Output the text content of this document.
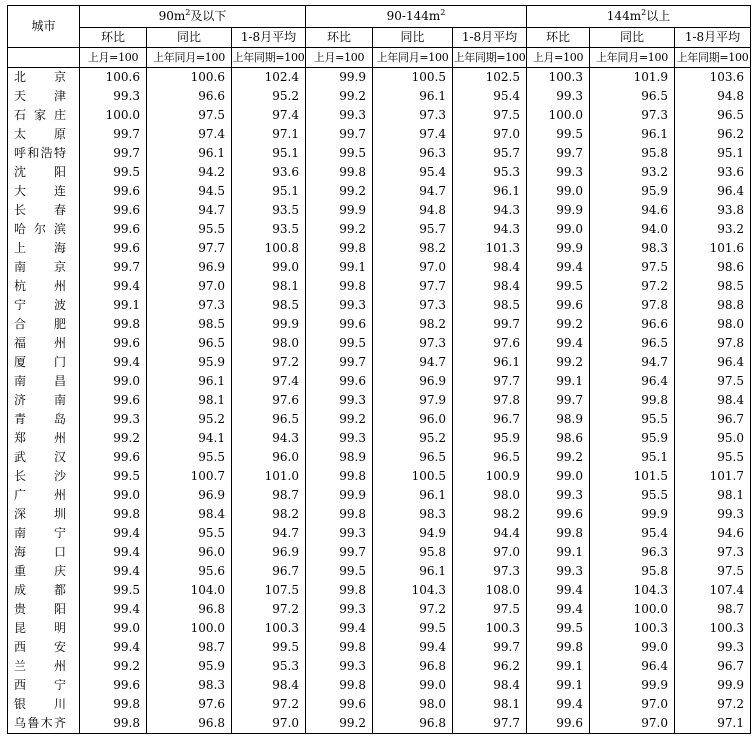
城市	$90m^2$及以下			$90-144m^2$			$144m^2$以上		
	环比	同比	1-8月平均	环比	同比	1-8月平均	环比	同比	1-8月平均
	上月=100	上年同月=100	上年同期=100	上月=100	上年同月=100	上年同期=100	上月=100	上年同月=100	上年同期=100
北京	100.6	100.6	102.4	99.9	100.5	102.5	100.3	101.9	103.6
天津	99.3	96.6	95.2	99.2	96.1	95.4	99.3	96.5	94.8
石家庄	100.0	97.5	97.4	99.3	97.3	97.5	100.0	97.3	96.5
太原	99.7	97.4	97.1	99.7	97.4	97.0	99.5	96.1	96.2
呼和浩特	99.7	96.1	95.1	99.5	96.3	95.7	99.7	95.8	95.1
沈阳	99.5	94.2	93.6	99.8	95.4	95.3	99.3	93.2	93.6
大连	99.6	94.5	95.1	99.2	94.7	96.1	99.0	95.9	96.4
长春	99.6	94.7	93.5	99.9	94.8	94.3	99.9	94.6	93.8
哈尔滨	99.6	95.5	93.5	99.2	95.7	94.3	99.0	94.0	93.2
上海	99.6	97.7	100.8	99.8	98.2	101.3	99.9	98.3	101.6
南京	99.7	96.9	99.0	99.1	97.0	98.4	99.4	97.5	98.6
杭州	99.4	97.0	98.1	99.8	97.7	98.4	99.5	97.2	98.5
宁波	99.1	97.3	98.5	99.3	97.3	98.5	99.6	97.8	98.8
合肥	99.8	98.5	99.9	99.6	98.2	99.7	99.2	96.6	98.0
福州	99.6	96.5	98.0	99.5	97.3	97.6	99.4	96.5	97.8
厦门	99.4	95.9	97.2	99.7	94.7	96.1	99.2	94.7	96.4
南昌	99.0	96.1	97.4	99.6	96.9	97.7	99.1	96.4	97.5
济南	99.6	98.1	97.6	99.3	97.9	97.8	99.7	99.8	98.4
青岛	99.3	95.2	96.5	99.2	96.0	96.7	98.9	95.5	96.7
郑州	99.2	94.1	94.3	99.3	95.2	95.9	98.6	95.9	95.0
武汉	99.6	95.5	96.0	98.9	96.5	96.5	99.2	95.1	95.5
长沙	99.5	100.7	101.0	99.8	100.5	100.9	99.0	101.5	101.7
广州	99.0	96.9	98.7	99.9	96.1	98.0	99.3	95.5	98.1
深圳	99.8	98.4	98.2	99.8	98.3	98.2	99.6	99.9	99.3
南宁	99.4	95.5	94.7	99.3	94.9	94.4	99.8	95.4	94.6
海口	99.4	96.0	96.9	99.7	95.8	97.0	99.1	96.3	97.3
重庆	99.4	95.6	96.7	99.5	96.1	97.3	99.3	95.8	97.5
成都	99.5	104.0	107.5	99.8	104.3	108.0	99.4	104.3	107.4
贵阳	99.4	96.8	97.2	99.3	97.2	97.5	99.4	100.0	98.7
昆明	99.0	100.0	100.3	99.4	99.5	100.3	99.5	100.3	100.3
西安	99.4	98.7	99.5	99.8	99.4	99.7	99.8	99.0	99.3
兰州	99.2	95.9	95.3	99.3	96.8	96.2	99.1	96.4	96.7
西宁	99.6	98.3	98.4	99.8	99.0	98.4	99.1	99.9	99.9
银川	99.8	97.6	97.2	99.6	98.0	98.1	99.4	97.0	97.2
乌鲁木齐	99.8	96.8	97.0	99.2	96.8	97.7	99.6	97.0	97.1
